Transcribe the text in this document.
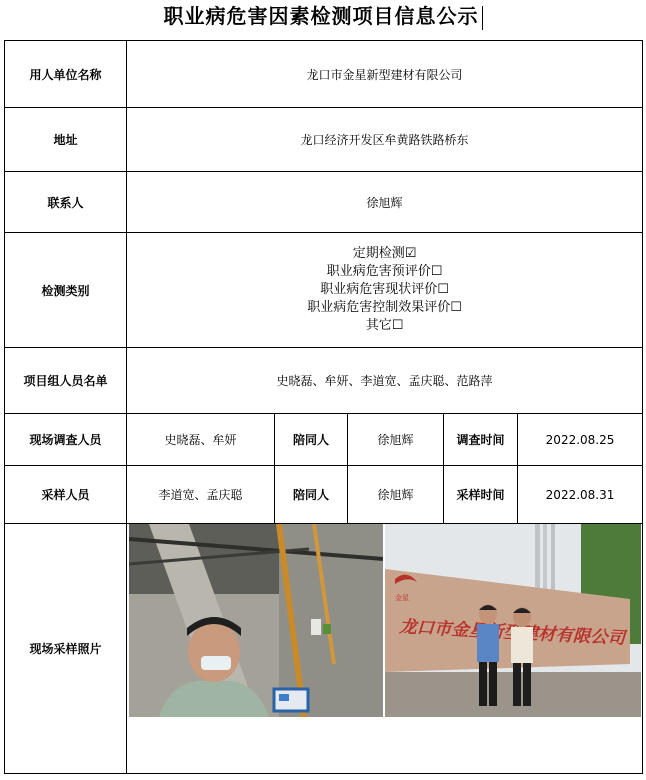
职业病危害因素检测项目信息公示
用人单位名称	龙口市金星新型建材有限公司				
地址	龙口经济开发区牟黄路铁路桥东				
联系人	徐旭辉				
检测类别	定期检测☑
职业病危害预评价☐
职业病危害现状评价☐
职业病危害控制效果评价☐
其它☐				

项目组人员名单	史晓磊、牟妍、李道宽、孟庆聪、范路萍				
现场调查人员	史晓磊、牟妍	陪同人	徐旭辉	调查时间	2022.08.25
采样人员	李道宽、孟庆聪	陪同人	徐旭辉	采样时间	2022.08.31
现场采样照片	金星
龙口市金星新型建材有限公司				
